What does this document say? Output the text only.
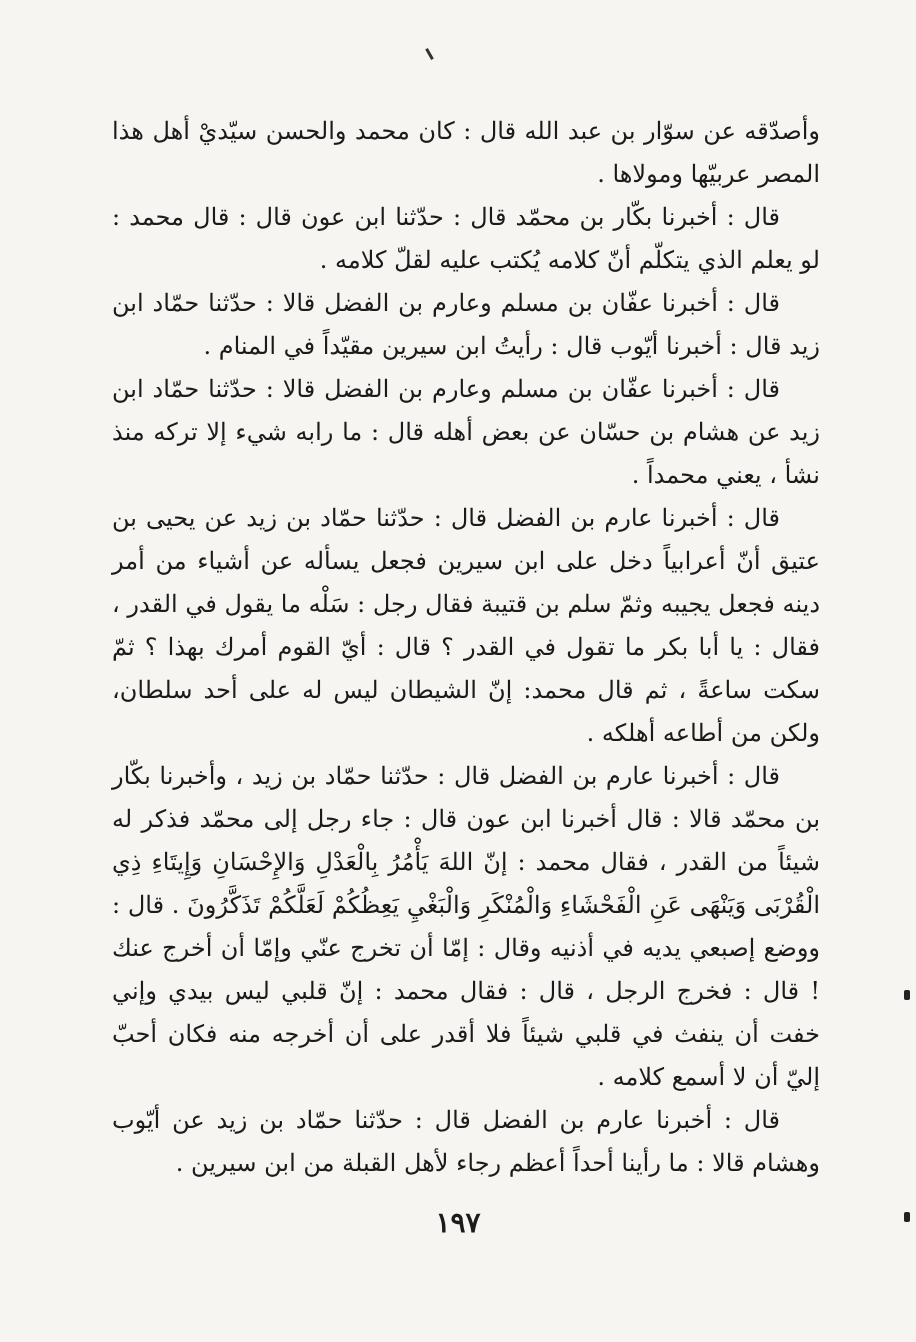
وأصدّقه عن سوّار بن عبد الله قال : كان محمد والحسن سيّديْ أهل هذا المصر عربيّها ومولاها .

قال : أخبرنا بكّار بن محمّد قال : حدّثنا ابن عون قال : قال محمد : لو يعلم الذي يتكلّم أنّ كلامه يُكتب عليه لقلّ كلامه .

قال : أخبرنا عفّان بن مسلم وعارم بن الفضل قالا : حدّثنا حمّاد ابن زيد قال : أخبرنا أيّوب قال : رأيتُ ابن سيرين مقيّداً في المنام .

قال : أخبرنا عفّان بن مسلم وعارم بن الفضل قالا : حدّثنا حمّاد ابن زيد عن هشام بن حسّان عن بعض أهله قال : ما رابه شيء إلا تركه منذ نشأ ، يعني محمداً .

قال : أخبرنا عارم بن الفضل قال : حدّثنا حمّاد بن زيد عن يحيى بن عتيق أنّ أعرابياً دخل على ابن سيرين فجعل يسأله عن أشياء من أمر دينه فجعل يجيبه وثمّ سلم بن قتيبة فقال رجل : سَلْه ما يقول في القدر ، فقال : يا أبا بكر ما تقول في القدر ؟ قال : أيّ القوم أمرك بهذا ؟ ثمّ سكت ساعةً ، ثم قال محمد: إنّ الشيطان ليس له على أحد سلطان، ولكن من أطاعه أهلكه .

قال : أخبرنا عارم بن الفضل قال : حدّثنا حمّاد بن زيد ، وأخبرنا بكّار بن محمّد قالا : قال أخبرنا ابن عون قال : جاء رجل إلى محمّد فذكر له شيئاً من القدر ، فقال محمد : إنّ اللهَ يَأْمُرُ بِالْعَدْلِ وَالإِحْسَانِ وَإِيتَاءِ ذِي الْقُرْبَى وَيَنْهَى عَنِ الْفَحْشَاءِ وَالْمُنْكَرِ وَالْبَغْيِ يَعِظُكُمْ لَعَلَّكُمْ تَذَكَّرُونَ . قال : ووضع إصبعي يديه في أذنيه وقال : إمّا أن تخرج عنّي وإمّا أن أخرج عنك ! قال : فخرج الرجل ، قال : فقال محمد : إنّ قلبي ليس بيدي وإني خفت أن ينفث في قلبي شيئاً فلا أقدر على أن أخرجه منه فكان أحبّ إليّ أن لا أسمع كلامه .

قال : أخبرنا عارم بن الفضل قال : حدّثنا حمّاد بن زيد عن أيّوب وهشام قالا : ما رأينا أحداً أعظم رجاء لأهل القبلة من ابن سيرين .

١٩٧
